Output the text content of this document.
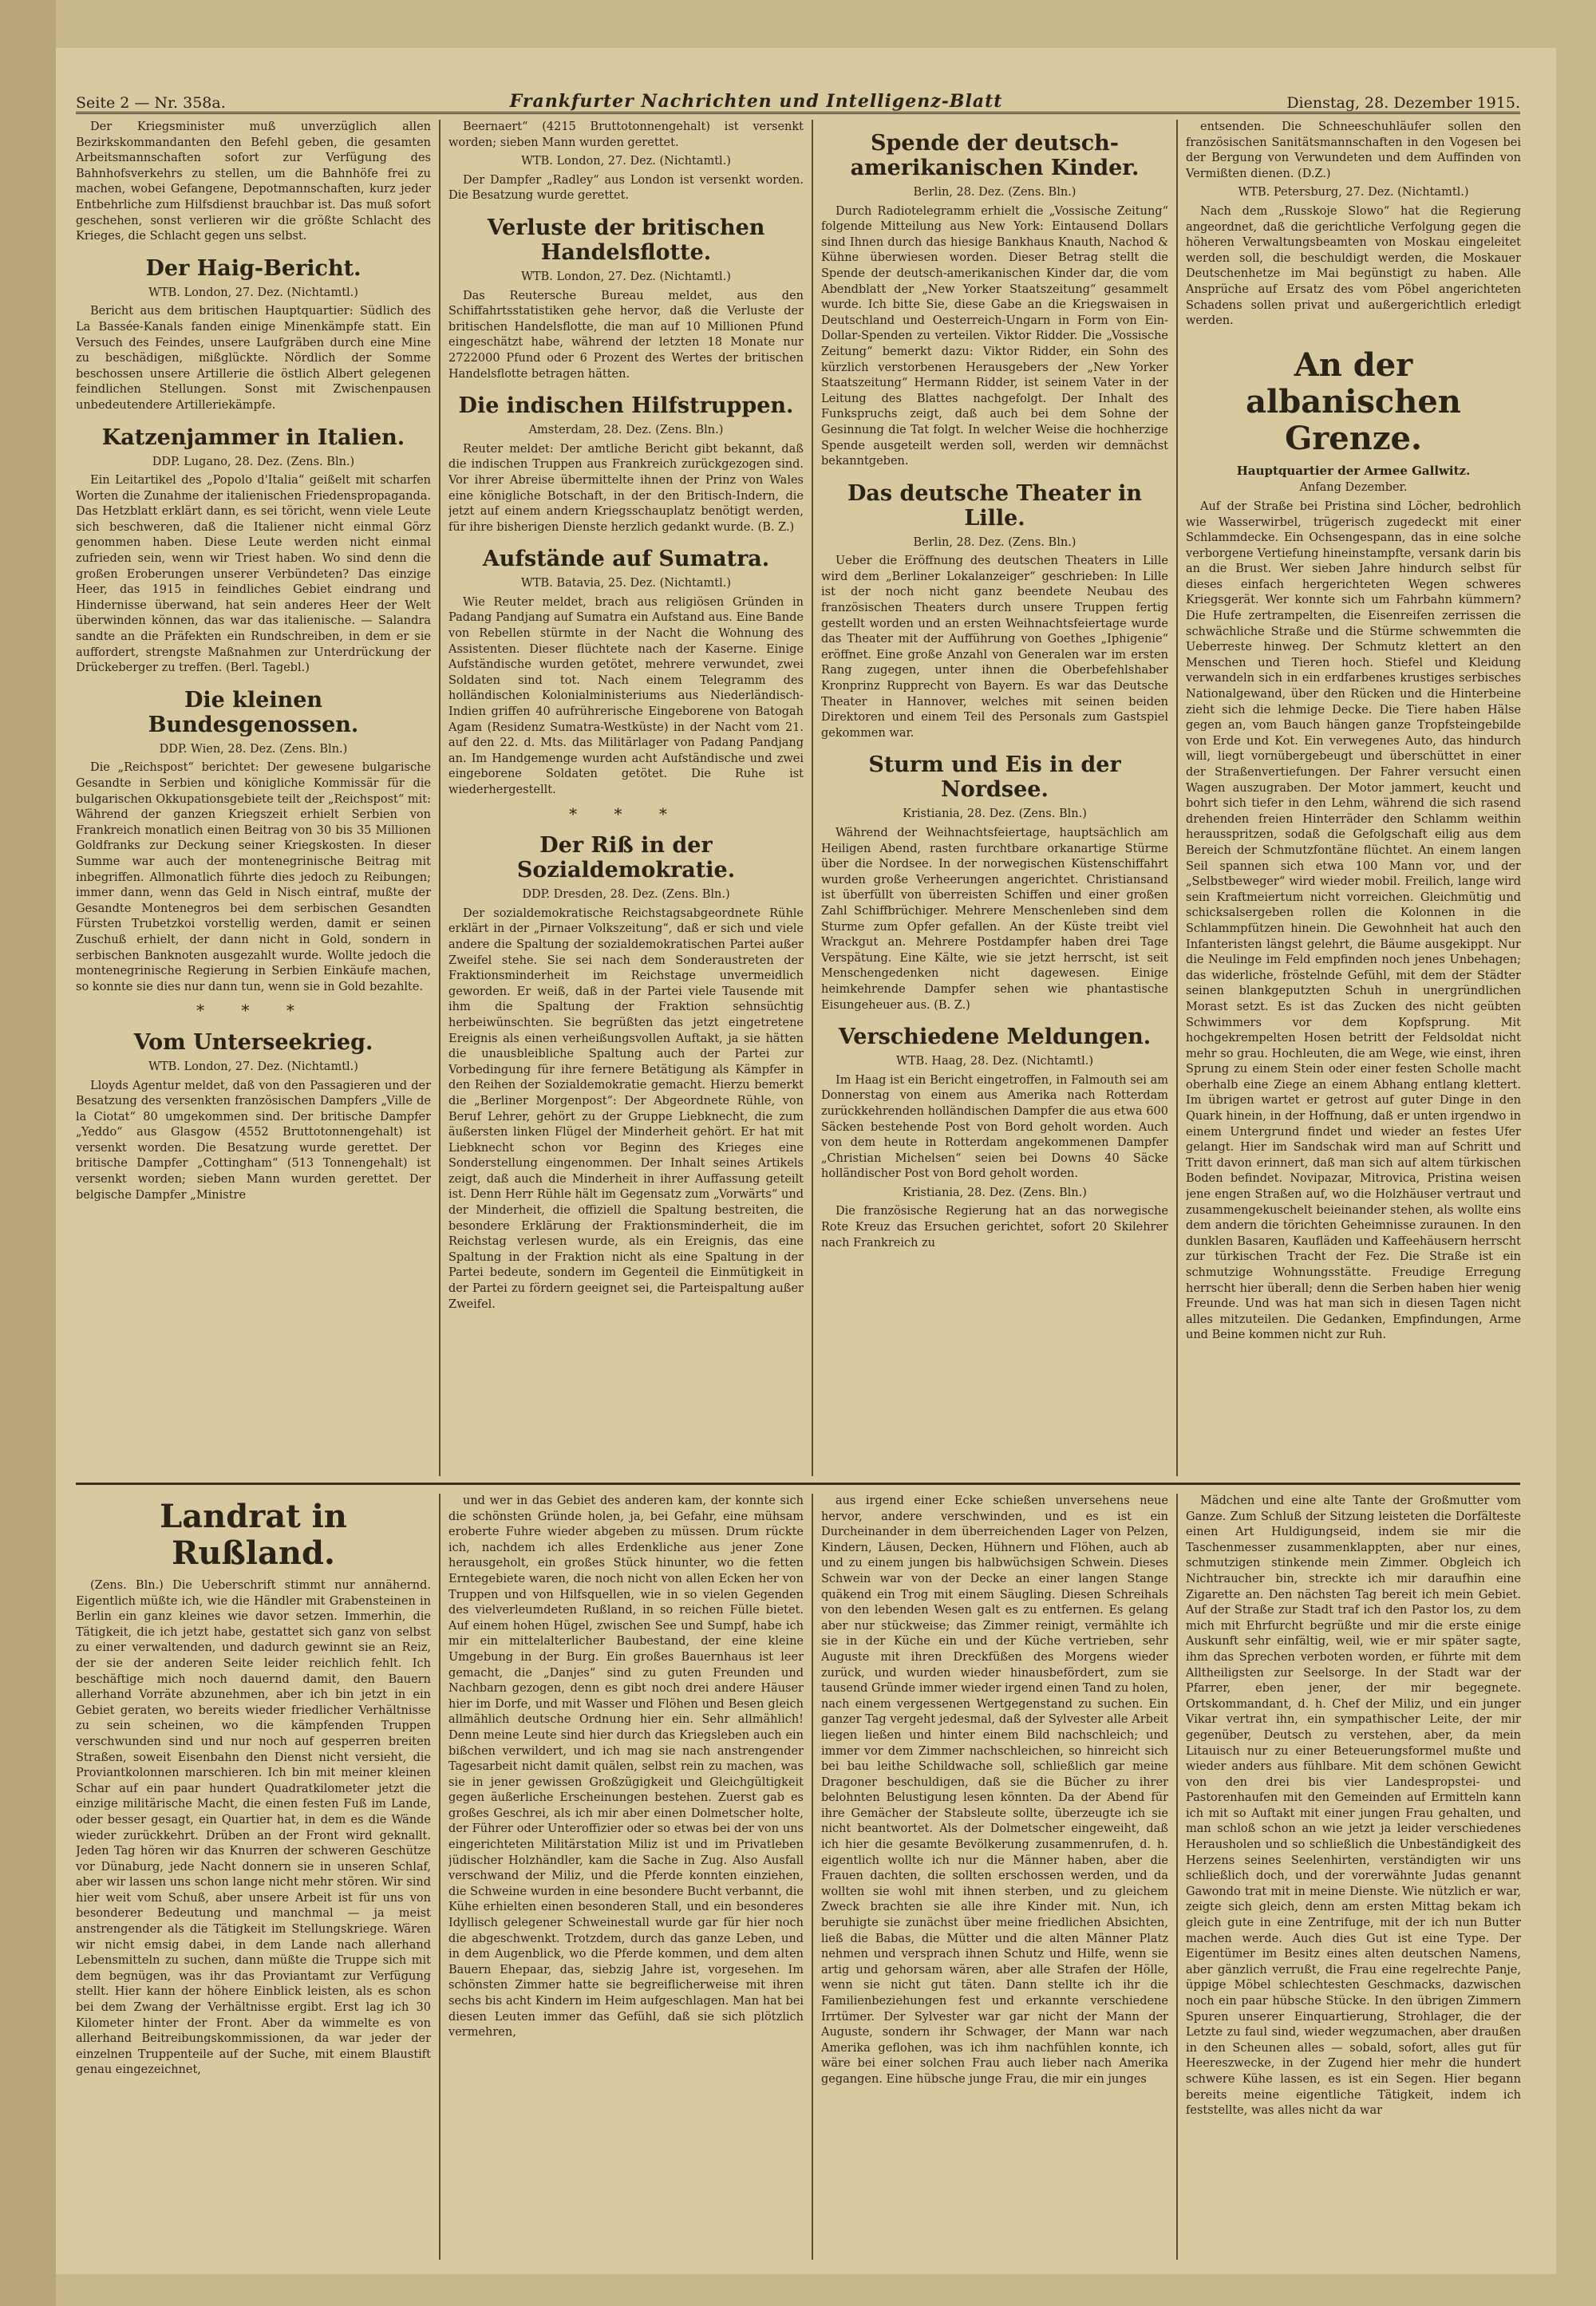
Seite 2 — Nr. 358a.	Frankfurter Nachrichten und Intelligenz-Blatt	Dienstag, 28. Dezember 1915.

Der Kriegsminister muß unverzüglich allen Bezirkskommandanten den Befehl geben, die gesamten Arbeitsmannschaften sofort zur Verfügung des Bahnhofsverkehrs zu stellen, um die Bahnhöfe frei zu machen, wobei Gefangene, Depotmannschaften, kurz jeder Entbehrliche zum Hilfsdienst brauchbar ist. Das muß sofort geschehen, sonst verlieren wir die größte Schlacht des Krieges, die Schlacht gegen uns selbst.

Der Haig-Bericht.
WTB. London, 27. Dez. (Nichtamtl.)

Bericht aus dem britischen Hauptquartier: Südlich des La Bassée-Kanals fanden einige Minenkämpfe statt. Ein Versuch des Feindes, unsere Laufgräben durch eine Mine zu beschädigen, mißglückte. Nördlich der Somme beschossen unsere Artillerie die östlich Albert gelegenen feindlichen Stellungen. Sonst mit Zwischenpausen unbedeutendere Artilleriekämpfe.

Katzenjammer in Italien.
DDP. Lugano, 28. Dez. (Zens. Bln.)

Ein Leitartikel des „Popolo d'Italia“ geißelt mit scharfen Worten die Zunahme der italienischen Friedenspropaganda. Das Hetzblatt erklärt dann, es sei töricht, wenn viele Leute sich beschweren, daß die Italiener nicht einmal Görz genommen haben. Diese Leute werden nicht einmal zufrieden sein, wenn wir Triest haben. Wo sind denn die großen Eroberungen unserer Verbündeten? Das einzige Heer, das 1915 in feindliches Gebiet eindrang und Hindernisse überwand, hat sein anderes Heer der Welt überwinden können, das war das italienische. — Salandra sandte an die Präfekten ein Rundschreiben, in dem er sie auffordert, strengste Maßnahmen zur Unterdrückung der Drückeberger zu treffen. (Berl. Tagebl.)

Die kleinen Bundesgenossen.
DDP. Wien, 28. Dez. (Zens. Bln.)

Die „Reichspost“ berichtet: Der gewesene bulgarische Gesandte in Serbien und königliche Kommissär für die bulgarischen Okkupationsgebiete teilt der „Reichspost“ mit: Während der ganzen Kriegszeit erhielt Serbien von Frankreich monatlich einen Beitrag von 30 bis 35 Millionen Goldfranks zur Deckung seiner Kriegskosten. In dieser Summe war auch der montenegrinische Beitrag mit inbegriffen. Allmonatlich führte dies jedoch zu Reibungen; immer dann, wenn das Geld in Nisch eintraf, mußte der Gesandte Montenegros bei dem serbischen Gesandten Fürsten Trubetzkoi vorstellig werden, damit er seinen Zuschuß erhielt, der dann nicht in Gold, sondern in serbischen Banknoten ausgezahlt wurde. Wollte jedoch die montenegrinische Regierung in Serbien Einkäufe machen, so konnte sie dies nur dann tun, wenn sie in Gold bezahlte.

* * *
Vom Unterseekrieg.
WTB. London, 27. Dez. (Nichtamtl.)

Lloyds Agentur meldet, daß von den Passagieren und der Besatzung des versenkten französischen Dampfers „Ville de la Ciotat“ 80 umgekommen sind. Der britische Dampfer „Yeddo“ aus Glasgow (4552 Bruttotonnengehalt) ist versenkt worden. Die Besatzung wurde gerettet. Der britische Dampfer „Cottingham“ (513 Tonnengehalt) ist versenkt worden; sieben Mann wurden gerettet. Der belgische Dampfer „Ministre

Beernaert“ (4215 Bruttotonnengehalt) ist versenkt worden; sieben Mann wurden gerettet.

WTB. London, 27. Dez. (Nichtamtl.)

Der Dampfer „Radley“ aus London ist versenkt worden. Die Besatzung wurde gerettet.

Verluste der britischen Handelsflotte.
WTB. London, 27. Dez. (Nichtamtl.)

Das Reutersche Bureau meldet, aus den Schiffahrtsstatistiken gehe hervor, daß die Verluste der britischen Handelsflotte, die man auf 10 Millionen Pfund eingeschätzt habe, während der letzten 18 Monate nur 2722000 Pfund oder 6 Prozent des Wertes der britischen Handelsflotte betragen hätten.

Die indischen Hilfstruppen.
Amsterdam, 28. Dez. (Zens. Bln.)

Reuter meldet: Der amtliche Bericht gibt bekannt, daß die indischen Truppen aus Frankreich zurückgezogen sind. Vor ihrer Abreise übermittelte ihnen der Prinz von Wales eine königliche Botschaft, in der den Britisch-Indern, die jetzt auf einem andern Kriegsschauplatz benötigt werden, für ihre bisherigen Dienste herzlich gedankt wurde. (B. Z.)

Aufstände auf Sumatra.
WTB. Batavia, 25. Dez. (Nichtamtl.)

Wie Reuter meldet, brach aus religiösen Gründen in Padang Pandjang auf Sumatra ein Aufstand aus. Eine Bande von Rebellen stürmte in der Nacht die Wohnung des Assistenten. Dieser flüchtete nach der Kaserne. Einige Aufständische wurden getötet, mehrere verwundet, zwei Soldaten sind tot. Nach einem Telegramm des holländischen Kolonialministeriums aus Niederländisch-Indien griffen 40 aufrührerische Eingeborene von Batogah Agam (Residenz Sumatra-Westküste) in der Nacht vom 21. auf den 22. d. Mts. das Militärlager von Padang Pandjang an. Im Handgemenge wurden acht Aufständische und zwei eingeborene Soldaten getötet. Die Ruhe ist wiederhergestellt.

* * *
Der Riß in der Sozialdemokratie.
DDP. Dresden, 28. Dez. (Zens. Bln.)

Der sozialdemokratische Reichstagsabgeordnete Rühle erklärt in der „Pirnaer Volkszeitung“, daß er sich und viele andere die Spaltung der sozialdemokratischen Partei außer Zweifel stehe. Sie sei nach dem Sonderaustreten der Fraktionsminderheit im Reichstage unvermeidlich geworden. Er weiß, daß in der Partei viele Tausende mit ihm die Spaltung der Fraktion sehnsüchtig herbeiwünschten. Sie begrüßten das jetzt eingetretene Ereignis als einen verheißungsvollen Auftakt, ja sie hätten die unausbleibliche Spaltung auch der Partei zur Vorbedingung für ihre fernere Betätigung als Kämpfer in den Reihen der Sozialdemokratie gemacht. Hierzu bemerkt die „Berliner Morgenpost“: Der Abgeordnete Rühle, von Beruf Lehrer, gehört zu der Gruppe Liebknecht, die zum äußersten linken Flügel der Minderheit gehört. Er hat mit Liebknecht schon vor Beginn des Krieges eine Sonderstellung eingenommen. Der Inhalt seines Artikels zeigt, daß auch die Minderheit in ihrer Auffassung geteilt ist. Denn Herr Rühle hält im Gegensatz zum „Vorwärts“ und der Minderheit, die offiziell die Spaltung bestreiten, die besondere Erklärung der Fraktionsminderheit, die im Reichstag verlesen wurde, als ein Ereignis, das eine Spaltung in der Fraktion nicht als eine Spaltung in der Partei bedeute, sondern im Gegenteil die Einmütigkeit in der Partei zu fördern geeignet sei, die Parteispaltung außer Zweifel.

Spende der deutsch-amerikanischen Kinder.
Berlin, 28. Dez. (Zens. Bln.)

Durch Radiotelegramm erhielt die „Vossische Zeitung“ folgende Mitteilung aus New York: Eintausend Dollars sind Ihnen durch das hiesige Bankhaus Knauth, Nachod & Kühne überwiesen worden. Dieser Betrag stellt die Spende der deutsch-amerikanischen Kinder dar, die vom Abendblatt der „New Yorker Staatszeitung“ gesammelt wurde. Ich bitte Sie, diese Gabe an die Kriegswaisen in Deutschland und Oesterreich-Ungarn in Form von Ein-Dollar-Spenden zu verteilen. Viktor Ridder. Die „Vossische Zeitung“ bemerkt dazu: Viktor Ridder, ein Sohn des kürzlich verstorbenen Herausgebers der „New Yorker Staatszeitung“ Hermann Ridder, ist seinem Vater in der Leitung des Blattes nachgefolgt. Der Inhalt des Funkspruchs zeigt, daß auch bei dem Sohne der Gesinnung die Tat folgt. In welcher Weise die hochherzige Spende ausgeteilt werden soll, werden wir demnächst bekanntgeben.

Das deutsche Theater in Lille.
Berlin, 28. Dez. (Zens. Bln.)

Ueber die Eröffnung des deutschen Theaters in Lille wird dem „Berliner Lokalanzeiger“ geschrieben: In Lille ist der noch nicht ganz beendete Neubau des französischen Theaters durch unsere Truppen fertig gestellt worden und an ersten Weihnachtsfeiertage wurde das Theater mit der Aufführung von Goethes „Iphigenie“ eröffnet. Eine große Anzahl von Generalen war im ersten Rang zugegen, unter ihnen die Oberbefehlshaber Kronprinz Rupprecht von Bayern. Es war das Deutsche Theater in Hannover, welches mit seinen beiden Direktoren und einem Teil des Personals zum Gastspiel gekommen war.

Sturm und Eis in der Nordsee.
Kristiania, 28. Dez. (Zens. Bln.)

Während der Weihnachtsfeiertage, hauptsächlich am Heiligen Abend, rasten furchtbare orkanartige Stürme über die Nordsee. In der norwegischen Küstenschiffahrt wurden große Verheerungen angerichtet. Christiansand ist überfüllt von überreisten Schiffen und einer großen Zahl Schiffbrüchiger. Mehrere Menschenleben sind dem Sturme zum Opfer gefallen. An der Küste treibt viel Wrackgut an. Mehrere Postdampfer haben drei Tage Verspätung. Eine Kälte, wie sie jetzt herrscht, ist seit Menschengedenken nicht dagewesen. Einige heimkehrende Dampfer sehen wie phantastische Eisungeheuer aus. (B. Z.)

Verschiedene Meldungen.
WTB. Haag, 28. Dez. (Nichtamtl.)

Im Haag ist ein Bericht eingetroffen, in Falmouth sei am Donnerstag von einem aus Amerika nach Rotterdam zurückkehrenden holländischen Dampfer die aus etwa 600 Säcken bestehende Post von Bord geholt worden. Auch von dem heute in Rotterdam angekommenen Dampfer „Christian Michelsen“ seien bei Downs 40 Säcke holländischer Post von Bord geholt worden.

Kristiania, 28. Dez. (Zens. Bln.)

Die französische Regierung hat an das norwegische Rote Kreuz das Ersuchen gerichtet, sofort 20 Skilehrer nach Frankreich zu

entsenden. Die Schneeschuhläufer sollen den französischen Sanitätsmannschaften in den Vogesen bei der Bergung von Verwundeten und dem Auffinden von Vermißten dienen. (D.Z.)

WTB. Petersburg, 27. Dez. (Nichtamtl.)

Nach dem „Russkoje Slowo“ hat die Regierung angeordnet, daß die gerichtliche Verfolgung gegen die höheren Verwaltungsbeamten von Moskau eingeleitet werden soll, die beschuldigt werden, die Moskauer Deutschenhetze im Mai begünstigt zu haben. Alle Ansprüche auf Ersatz des vom Pöbel angerichteten Schadens sollen privat und außergerichtlich erledigt werden.

An der albanischen Grenze.
Hauptquartier der Armee Gallwitz.
Anfang Dezember.

Auf der Straße bei Pristina sind Löcher, bedrohlich wie Wasserwirbel, trügerisch zugedeckt mit einer Schlammdecke. Ein Ochsengespann, das in eine solche verborgene Vertiefung hineinstampfte, versank darin bis an die Brust. Wer sieben Jahre hindurch selbst für dieses einfach hergerichteten Wegen schweres Kriegsgerät. Wer konnte sich um Fahrbahn kümmern? Die Hufe zertrampelten, die Eisenreifen zerrissen die schwächliche Straße und die Stürme schwemmten die Ueberreste hinweg. Der Schmutz klettert an den Menschen und Tieren hoch. Stiefel und Kleidung verwandeln sich in ein erdfarbenes krustiges serbisches Nationalgewand, über den Rücken und die Hinterbeine zieht sich die lehmige Decke. Die Tiere haben Hälse gegen an, vom Bauch hängen ganze Tropfsteingebilde von Erde und Kot. Ein verwegenes Auto, das hindurch will, liegt vornübergebeugt und überschüttet in einer der Straßenvertiefungen. Der Fahrer versucht einen Wagen auszugraben. Der Motor jammert, keucht und bohrt sich tiefer in den Lehm, während die sich rasend drehenden freien Hinterräder den Schlamm weithin herausspritzen, sodaß die Gefolgschaft eilig aus dem Bereich der Schmutzfontäne flüchtet. An einem langen Seil spannen sich etwa 100 Mann vor, und der „Selbstbeweger“ wird wieder mobil. Freilich, lange wird sein Kraftmeiertum nicht vorreichen. Gleichmütig und schicksalsergeben rollen die Kolonnen in die Schlammpfützen hinein. Die Gewohnheit hat auch den Infanteristen längst gelehrt, die Bäume ausgekippt. Nur die Neulinge im Feld empfinden noch jenes Unbehagen; das widerliche, fröstelnde Gefühl, mit dem der Städter seinen blankgeputzten Schuh in unergründlichen Morast setzt. Es ist das Zucken des nicht geübten Schwimmers vor dem Kopfsprung. Mit hochgekrempelten Hosen betritt der Feldsoldat nicht mehr so grau. Hochleuten, die am Wege, wie einst, ihren Sprung zu einem Stein oder einer festen Scholle macht oberhalb eine Ziege an einem Abhang entlang klettert. Im übrigen wartet er getrost auf guter Dinge in den Quark hinein, in der Hoffnung, daß er unten irgendwo in einem Untergrund findet und wieder an festes Ufer gelangt. Hier im Sandschak wird man auf Schritt und Tritt davon erinnert, daß man sich auf altem türkischen Boden befindet. Novipazar, Mitrovica, Pristina weisen jene engen Straßen auf, wo die Holzhäuser vertraut und zusammengekuschelt beieinander stehen, als wollte eins dem andern die törichten Geheimnisse zuraunen. In den dunklen Basaren, Kaufläden und Kaffeehäusern herrscht zur türkischen Tracht der Fez. Die Straße ist ein schmutzige Wohnungsstätte. Freudige Erregung herrscht hier überall; denn die Serben haben hier wenig Freunde. Und was hat man sich in diesen Tagen nicht alles mitzuteilen. Die Gedanken, Empfindungen, Arme und Beine kommen nicht zur Ruh.

Landrat in Rußland.

(Zens. Bln.) Die Ueberschrift stimmt nur annähernd. Eigentlich müßte ich, wie die Händler mit Grabensteinen in Berlin ein ganz kleines wie davor setzen. Immerhin, die Tätigkeit, die ich jetzt habe, gestattet sich ganz von selbst zu einer verwaltenden, und dadurch gewinnt sie an Reiz, der sie der anderen Seite leider reichlich fehlt. Ich beschäftige mich noch dauernd damit, den Bauern allerhand Vorräte abzunehmen, aber ich bin jetzt in ein Gebiet geraten, wo bereits wieder friedlicher Verhältnisse zu sein scheinen, wo die kämpfenden Truppen verschwunden sind und nur noch auf gesperren breiten Straßen, soweit Eisenbahn den Dienst nicht versieht, die Proviantkolonnen marschieren. Ich bin mit meiner kleinen Schar auf ein paar hundert Quadratkilometer jetzt die einzige militärische Macht, die einen festen Fuß im Lande, oder besser gesagt, ein Quartier hat, in dem es die Wände wieder zurückkehrt. Drüben an der Front wird geknallt. Jeden Tag hören wir das Knurren der schweren Geschütze vor Dünaburg, jede Nacht donnern sie in unseren Schlaf, aber wir lassen uns schon lange nicht mehr stören. Wir sind hier weit vom Schuß, aber unsere Arbeit ist für uns von besonderer Bedeutung und manchmal — ja meist anstrengender als die Tätigkeit im Stellungskriege. Wären wir nicht emsig dabei, in dem Lande nach allerhand Lebensmitteln zu suchen, dann müßte die Truppe sich mit dem begnügen, was ihr das Proviantamt zur Verfügung stellt. Hier kann der höhere Einblick leisten, als es schon bei dem Zwang der Verhältnisse ergibt. Erst lag ich 30 Kilometer hinter der Front. Aber da wimmelte es von allerhand Beitreibungskommissionen, da war jeder der einzelnen Truppenteile auf der Suche, mit einem Blaustift genau eingezeichnet,

und wer in das Gebiet des anderen kam, der konnte sich die schönsten Gründe holen, ja, bei Gefahr, eine mühsam eroberte Fuhre wieder abgeben zu müssen. Drum rückte ich, nachdem ich alles Erdenkliche aus jener Zone herausgeholt, ein großes Stück hinunter, wo die fetten Erntegebiete waren, die noch nicht von allen Ecken her von Truppen und von Hilfsquellen, wie in so vielen Gegenden des vielverleumdeten Rußland, in so reichen Fülle bietet. Auf einem hohen Hügel, zwischen See und Sumpf, habe ich mir ein mittelalterlicher Baubestand, der eine kleine Umgebung in der Burg. Ein großes Bauernhaus ist leer gemacht, die „Danjes“ sind zu guten Freunden und Nachbarn gezogen, denn es gibt noch drei andere Häuser hier im Dorfe, und mit Wasser und Flöhen und Besen gleich allmählich deutsche Ordnung hier ein. Sehr allmählich! Denn meine Leute sind hier durch das Kriegsleben auch ein bißchen verwildert, und ich mag sie nach anstrengender Tagesarbeit nicht damit quälen, selbst rein zu machen, was sie in jener gewissen Großzügigkeit und Gleichgültigkeit gegen äußerliche Erscheinungen bestehen. Zuerst gab es großes Geschrei, als ich mir aber einen Dolmetscher holte, der Führer oder Unteroffizier oder so etwas bei der von uns eingerichteten Militärstation Miliz ist und im Privatleben jüdischer Holzhändler, kam die Sache in Zug. Also Ausfall verschwand der Miliz, und die Pferde konnten einziehen, die Schweine wurden in eine besondere Bucht verbannt, die Kühe erhielten einen besonderen Stall, und ein besonderes Idyllisch gelegener Schweinestall wurde gar für hier noch die abgeschwenkt. Trotzdem, durch das ganze Leben, und in dem Augenblick, wo die Pferde kommen, und dem alten Bauern Ehepaar, das, siebzig Jahre ist, vorgesehen. Im schönsten Zimmer hatte sie begreiflicherweise mit ihren sechs bis acht Kindern im Heim aufgeschlagen. Man hat bei diesen Leuten immer das Gefühl, daß sie sich plötzlich vermehren,

aus irgend einer Ecke schießen unversehens neue hervor, andere verschwinden, und es ist ein Durcheinander in dem überreichenden Lager von Pelzen, Kindern, Läusen, Decken, Hühnern und Flöhen, auch ab und zu einem jungen bis halbwüchsigen Schwein. Dieses Schwein war von der Decke an einer langen Stange quäkend ein Trog mit einem Säugling. Diesen Schreihals von den lebenden Wesen galt es zu entfernen. Es gelang aber nur stückweise; das Zimmer reinigt, vermählte ich sie in der Küche ein und der Küche vertrieben, sehr Auguste mit ihren Dreckfüßen des Morgens wieder zurück, und wurden wieder hinausbefördert, zum sie tausend Gründe immer wieder irgend einen Tand zu holen, nach einem vergessenen Wertgegenstand zu suchen. Ein ganzer Tag vergeht jedesmal, daß der Sylvester alle Arbeit liegen ließen und hinter einem Bild nachschleich; und immer vor dem Zimmer nachschleichen, so hinreicht sich bei bau leithe Schildwache soll, schließlich gar meine Dragoner beschuldigen, daß sie die Bücher zu ihrer belohnten Belustigung lesen könnten. Da der Abend für ihre Gemächer der Stabsleute sollte, überzeugte ich sie nicht beantwortet. Als der Dolmetscher eingeweiht, daß ich hier die gesamte Bevölkerung zusammenrufen, d. h. eigentlich wollte ich nur die Männer haben, aber die Frauen dachten, die sollten erschossen werden, und da wollten sie wohl mit ihnen sterben, und zu gleichem Zweck brachten sie alle ihre Kinder mit. Nun, ich beruhigte sie zunächst über meine friedlichen Absichten, ließ die Babas, die Mütter und die alten Männer Platz nehmen und versprach ihnen Schutz und Hilfe, wenn sie artig und gehorsam wären, aber alle Strafen der Hölle, wenn sie nicht gut täten. Dann stellte ich ihr die Familienbeziehungen fest und erkannte verschiedene Irrtümer. Der Sylvester war gar nicht der Mann der Auguste, sondern ihr Schwager, der Mann war nach Amerika geflohen, was ich ihm nachfühlen konnte, ich wäre bei einer solchen Frau auch lieber nach Amerika gegangen. Eine hübsche junge Frau, die mir ein junges

Mädchen und eine alte Tante der Großmutter vom Ganze. Zum Schluß der Sitzung leisteten die Dorfälteste einen Art Huldigungseid, indem sie mir die Taschenmesser zusammenklappten, aber nur eines, schmutzigen stinkende mein Zimmer. Obgleich ich Nichtraucher bin, streckte ich mir daraufhin eine Zigarette an. Den nächsten Tag bereit ich mein Gebiet. Auf der Straße zur Stadt traf ich den Pastor los, zu dem mich mit Ehrfurcht begrüßte und mir die erste einige Auskunft sehr einfältig, weil, wie er mir später sagte, ihm das Sprechen verboten worden, er führte mit dem Alltheiligsten zur Seelsorge. In der Stadt war der Pfarrer, eben jener, der mir begegnete. Ortskommandant, d. h. Chef der Miliz, und ein junger Vikar vertrat ihn, ein sympathischer Leite, der mir gegenüber, Deutsch zu verstehen, aber, da mein Litauisch nur zu einer Beteuerungsformel mußte und wieder anders aus fühlbare. Mit dem schönen Gewicht von den drei bis vier Landespropstei- und Pastorenhaufen mit den Gemeinden auf Ermitteln kann ich mit so Auftakt mit einer jungen Frau gehalten, und man schloß schon an wie jetzt ja leider verschiedenes Herausholen und so schließlich die Unbeständigkeit des Herzens seines Seelenhirten, verständigten wir uns schließlich doch, und der vorerwähnte Judas genannt Gawondo trat mit in meine Dienste. Wie nützlich er war, zeigte sich gleich, denn am ersten Mittag bekam ich gleich gute in eine Zentrifuge, mit der ich nun Butter machen werde. Auch dies Gut ist eine Type. Der Eigentümer im Besitz eines alten deutschen Namens, aber gänzlich verrußt, die Frau eine regelrechte Panje, üppige Möbel schlechtesten Geschmacks, dazwischen noch ein paar hübsche Stücke. In den übrigen Zimmern Spuren unserer Einquartierung, Strohlager, die der Letzte zu faul sind, wieder wegzumachen, aber draußen in den Scheunen alles — sobald, sofort, alles gut für Heereszwecke, in der Zugend hier mehr die hundert schwere Kühe lassen, es ist ein Segen. Hier begann bereits meine eigentliche Tätigkeit, indem ich feststellte, was alles nicht da war
